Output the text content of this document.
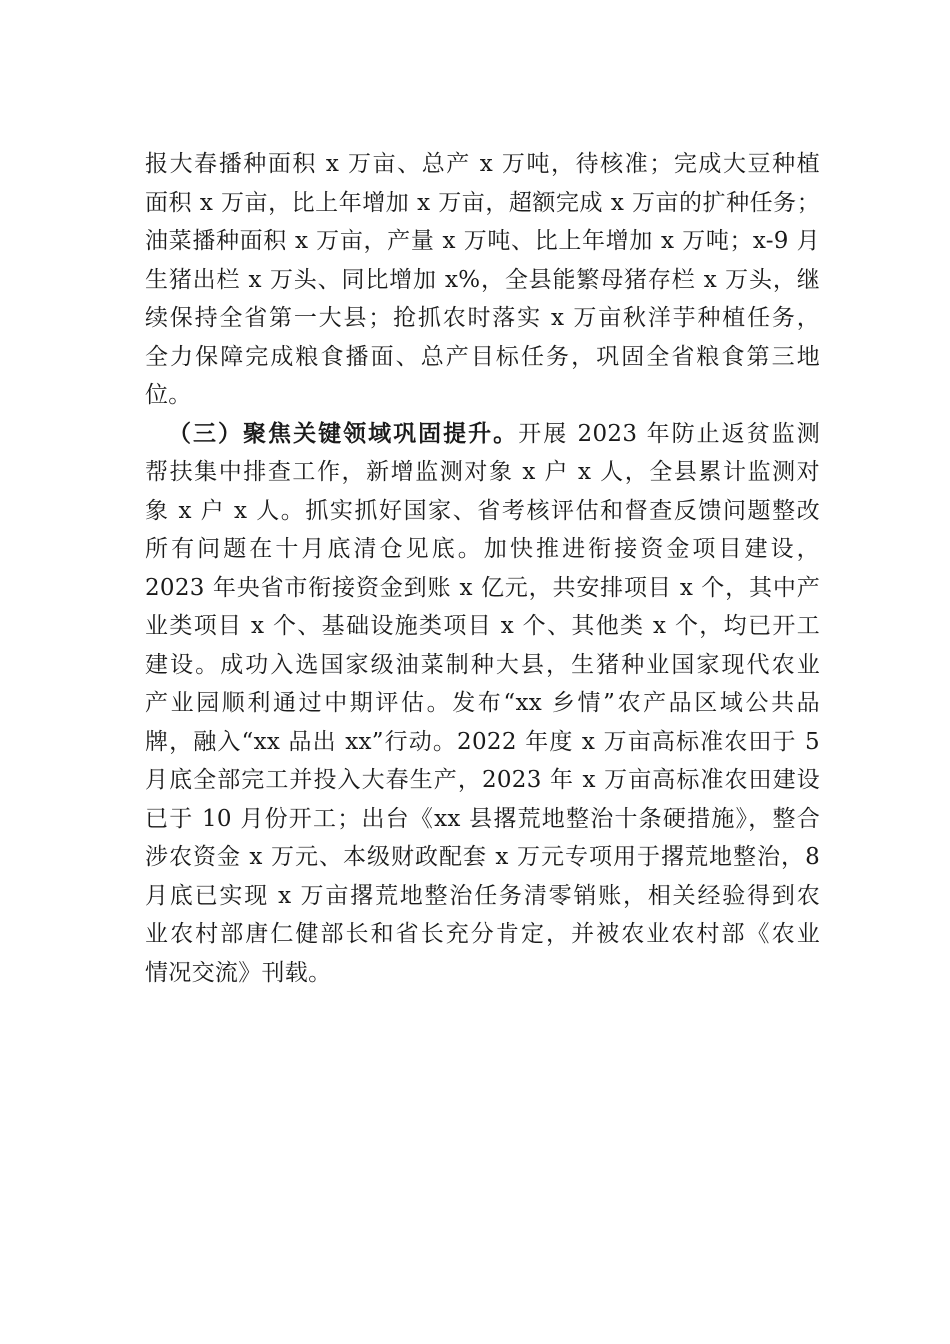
报大春播种面积 x 万亩、总产 x 万吨，待核准；完成大豆种植
面积 x 万亩，比上年增加 x 万亩，超额完成 x 万亩的扩种任务；
油菜播种面积 x 万亩，产量 x 万吨、比上年增加 x 万吨；x-9 月
生猪出栏 x 万头、同比增加 x%，全县能繁母猪存栏 x 万头，继
续保持全省第一大县；抢抓农时落实 x 万亩秋洋芋种植任务，
全力保障完成粮食播面、总产目标任务，巩固全省粮食第三地
位。
（三）聚焦关键领域巩固提升。开展 2023 年防止返贫监测
帮扶集中排查工作，新增监测对象 x 户 x 人，全县累计监测对
象 x 户 x 人。抓实抓好国家、省考核评估和督查反馈问题整改
所有问题在十月底清仓见底。加快推进衔接资金项目建设，
2023 年央省市衔接资金到账 x 亿元，共安排项目 x 个，其中产
业类项目 x 个、基础设施类项目 x 个、其他类 x 个，均已开工
建设。成功入选国家级油菜制种大县，生猪种业国家现代农业
产业园顺利通过中期评估。发布“xx 乡情”农产品区域公共品
牌，融入“xx 品出 xx”行动。2022 年度 x 万亩高标准农田于 5
月底全部完工并投入大春生产，2023 年 x 万亩高标准农田建设
已于 10 月份开工；出台《xx 县撂荒地整治十条硬措施》，整合
涉农资金 x 万元、本级财政配套 x 万元专项用于撂荒地整治，8
月底已实现 x 万亩撂荒地整治任务清零销账，相关经验得到农
业农村部唐仁健部长和省长充分肯定，并被农业农村部《农业
情况交流》刊载。
